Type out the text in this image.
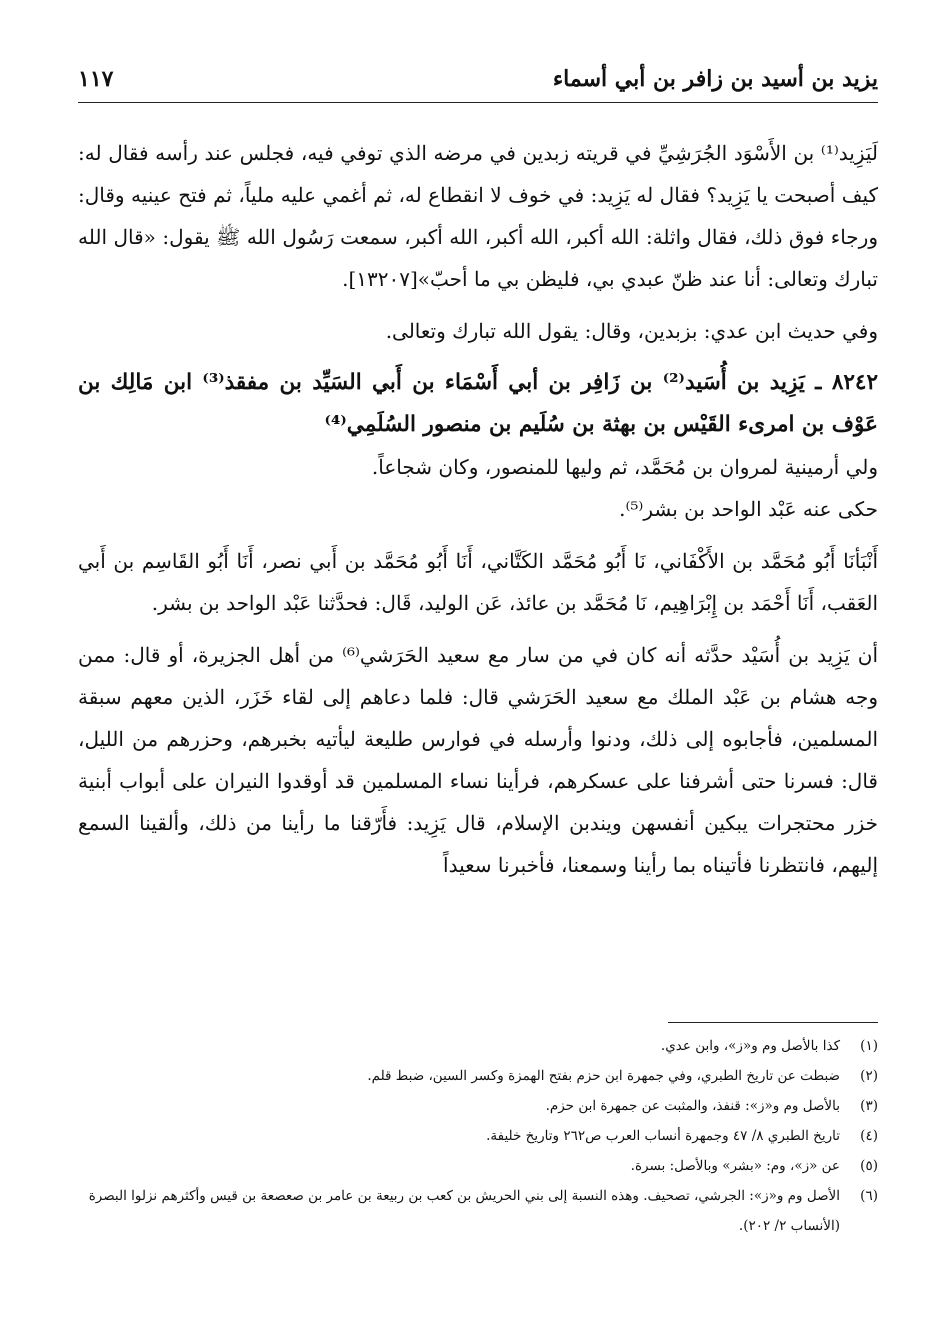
يزيد بن أسيد بن زافر بن أبي أسماء
١١٧

لَيَزِيد⁽¹⁾ بن الأَسْوَد الجُرَشِيِّ في قريته زبدين في مرضه الذي توفي فيه، فجلس عند رأسه فقال له: كيف أصبحت يا يَزِيد؟ فقال له يَزِيد: في خوف لا انقطاع له، ثم أغمي عليه ملياً، ثم فتح عينيه وقال: ورجاء فوق ذلك، فقال واثلة: الله أكبر، الله أكبر، الله أكبر، سمعت رَسُول الله ﷺ يقول: «قال الله تبارك وتعالى: أنا عند ظنّ عبدي بي، فليظن بي ما أحبّ»[١٣٢٠٧].

وفي حديث ابن عدي: بزبدين، وقال: يقول الله تبارك وتعالى.

٨٢٤٢ ـ يَزِيد بن أُسَيد⁽²⁾ بن زَافِر بن أبي أَسْمَاء بن أَبي السَيِّد بن مفقذ⁽³⁾ ابن مَالِك بن عَوْف بن امرىء القَيْس بن بهثة بن سُلَيم بن منصور السُلَمِي⁽⁴⁾

ولي أرمينية لمروان بن مُحَمَّد، ثم وليها للمنصور، وكان شجاعاً.

حكى عنه عَبْد الواحد بن بشر⁽⁵⁾.

أَنْبَأنَا أَبُو مُحَمَّد بن الأَكْفَاني، نَا أَبُو مُحَمَّد الكَتَّاني، أَنَا أَبُو مُحَمَّد بن أَبي نصر، أَنَا أَبُو القَاسِم بن أَبي العَقب، أَنَا أَحْمَد بن إِبْرَاهِيم، نَا مُحَمَّد بن عائذ، عَن الوليد، قَال: فحدَّثنا عَبْد الواحد بن بشر.

أن يَزِيد بن أُسَيْد حدَّثه أنه كان في من سار مع سعيد الحَرَشي⁽⁶⁾ من أهل الجزيرة، أو قال: ممن وجه هشام بن عَبْد الملك مع سعيد الحَرَشي قال: فلما دعاهم إلى لقاء خَزَر، الذين معهم سبقة المسلمين، فأجابوه إلى ذلك، ودنوا وأرسله في فوارس طليعة ليأتيه بخبرهم، وحزرهم من الليل، قال: فسرنا حتى أشرفنا على عسكرهم، فرأينا نساء المسلمين قد أوقدوا النيران على أبواب أبنية خزر محتجرات يبكين أنفسهن ويندبن الإسلام، قال يَزِيد: فأَرّقنا ما رأينا من ذلك، وألقينا السمع إليهم، فانتظرنا فأتيناه بما رأينا وسمعنا، فأخبرنا سعيداً

(١)
كذا بالأصل وم و«ز»، وابن عدي.
(٢)
ضبطت عن تاريخ الطبري، وفي جمهرة ابن حزم بفتح الهمزة وكسر السين، ضبط قلم.
(٣)
بالأصل وم و«ز»: قنفذ، والمثبت عن جمهرة ابن حزم.
(٤)
تاريخ الطبري ٨/ ٤٧ وجمهرة أنساب العرب ص٢٦٢ وتاريخ خليفة.
(٥)
عن «ز»، وم: «بشر» وبالأصل: بسرة.
(٦)
الأصل وم و«ز»: الجرشي، تصحيف. وهذه النسبة إلى بني الحريش بن كعب بن ربيعة بن عامر بن صعصعة بن قيس وأكثرهم نزلوا البصرة (الأنساب ٢/ ٢٠٢).
